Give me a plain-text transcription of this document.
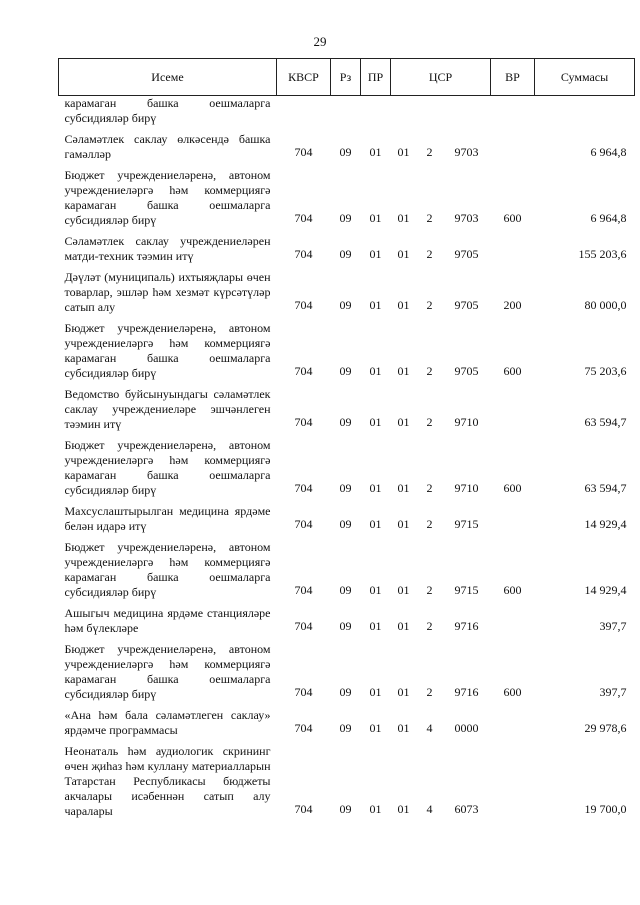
29
Исеме	КВСР	Рз	ПР	ЦСР			ВР	Суммасы
карамаган башка оешмаларга субсидияләр бирү								
Сәламәтлек саклау өлкәсендә башка гамәлләр	704	09	01	01	2	9703		6 964,8
Бюджет учреждениеләренә, автоном учреждениеләргә һәм коммерциягә карамаган башка оешмаларга субсидияләр бирү	704	09	01	01	2	9703	600	6 964,8
Сәламәтлек саклау учреждениеләрен матди-техник тәэмин итү	704	09	01	01	2	9705		155 203,6
Дәүләт (муниципаль) ихтыяҗлары өчен товарлар, эшләр һәм хезмәт күрсәтүләр сатып алу	704	09	01	01	2	9705	200	80 000,0
Бюджет учреждениеләренә, автоном учреждениеләргә һәм коммерциягә карамаган башка оешмаларга субсидияләр бирү	704	09	01	01	2	9705	600	75 203,6
Ведомство буйсынуындагы сәламәтлек саклау учреждениеләре эшчәнлеген тәэмин итү	704	09	01	01	2	9710		63 594,7
Бюджет учреждениеләренә, автоном учреждениеләргә һәм коммерциягә карамаган башка оешмаларга субсидияләр бирү	704	09	01	01	2	9710	600	63 594,7
Махсуслаштырылган медицина ярдәме белән идарә итү	704	09	01	01	2	9715		14 929,4
Бюджет учреждениеләренә, автоном учреждениеләргә һәм коммерциягә карамаган башка оешмаларга субсидияләр бирү	704	09	01	01	2	9715	600	14 929,4
Ашыгыч медицина ярдәме станцияләре һәм бүлекләре	704	09	01	01	2	9716		397,7
Бюджет учреждениеләренә, автоном учреждениеләргә һәм коммерциягә карамаган башка оешмаларга субсидияләр бирү	704	09	01	01	2	9716	600	397,7
«Ана һәм бала сәламәтлеген саклау» ярдәмче программасы	704	09	01	01	4	0000		29 978,6
Неонаталь һәм аудиологик скрининг өчен җиһаз һәм куллану материалларын Татарстан Республикасы бюджеты акчалары исәбеннән сатып алу чаралары	704	09	01	01	4	6073		19 700,0
